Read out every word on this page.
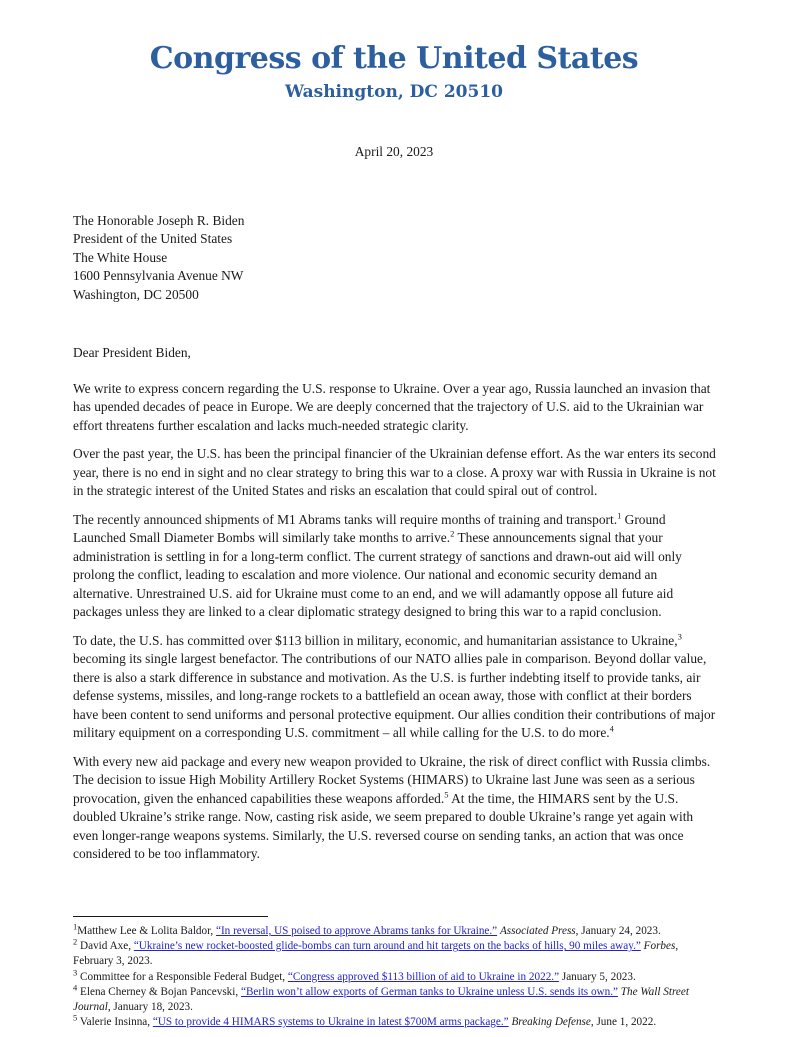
Congress of the United States
Washington, DC 20510
April 20, 2023
The Honorable Joseph R. Biden
President of the United States
The White House
1600 Pennsylvania Avenue NW
Washington, DC 20500
Dear President Biden,

We write to express concern regarding the U.S. response to Ukraine. Over a year ago, Russia launched an invasion that has upended decades of peace in Europe. We are deeply concerned that the trajectory of U.S. aid to the Ukrainian war effort threatens further escalation and lacks much-needed strategic clarity.

Over the past year, the U.S. has been the principal financier of the Ukrainian defense effort. As the war enters its second year, there is no end in sight and no clear strategy to bring this war to a close. A proxy war with Russia in Ukraine is not in the strategic interest of the United States and risks an escalation that could spiral out of control.

The recently announced shipments of M1 Abrams tanks will require months of training and transport.$^1$ Ground Launched Small Diameter Bombs will similarly take months to arrive.$^2$ These announcements signal that your administration is settling in for a long-term conflict. The current strategy of sanctions and drawn-out aid will only prolong the conflict, leading to escalation and more violence. Our national and economic security demand an alternative. Unrestrained U.S. aid for Ukraine must come to an end, and we will adamantly oppose all future aid packages unless they are linked to a clear diplomatic strategy designed to bring this war to a rapid conclusion.

To date, the U.S. has committed over $113 billion in military, economic, and humanitarian assistance to Ukraine,$^3$ becoming its single largest benefactor. The contributions of our NATO allies pale in comparison. Beyond dollar value, there is also a stark difference in substance and motivation. As the U.S. is further indebting itself to provide tanks, air defense systems, missiles, and long-range rockets to a battlefield an ocean away, those with conflict at their borders have been content to send uniforms and personal protective equipment. Our allies condition their contributions of major military equipment on a corresponding U.S. commitment – all while calling for the U.S. to do more.$^4$

With every new aid package and every new weapon provided to Ukraine, the risk of direct conflict with Russia climbs. The decision to issue High Mobility Artillery Rocket Systems (HIMARS) to Ukraine last June was seen as a serious provocation, given the enhanced capabilities these weapons afforded.$^5$ At the time, the HIMARS sent by the U.S. doubled Ukraine’s strike range. Now, casting risk aside, we seem prepared to double Ukraine’s range yet again with even longer-range weapons systems. Similarly, the U.S. reversed course on sending tanks, an action that was once considered to be too inflammatory.

$^1$Matthew Lee & Lolita Baldor, “In reversal, US poised to approve Abrams tanks for Ukraine.” Associated Press, January 24, 2023.
$^2$ David Axe, “Ukraine’s new rocket-boosted glide-bombs can turn around and hit targets on the backs of hills, 90 miles away.” Forbes, February 3, 2023.
$^3$ Committee for a Responsible Federal Budget, “Congress approved $113 billion of aid to Ukraine in 2022.” January 5, 2023.
$^4$ Elena Cherney & Bojan Pancevski, “Berlin won’t allow exports of German tanks to Ukraine unless U.S. sends its own.” The Wall Street Journal, January 18, 2023.
$^5$ Valerie Insinna, “US to provide 4 HIMARS systems to Ukraine in latest $700M arms package.” Breaking Defense, June 1, 2022.
